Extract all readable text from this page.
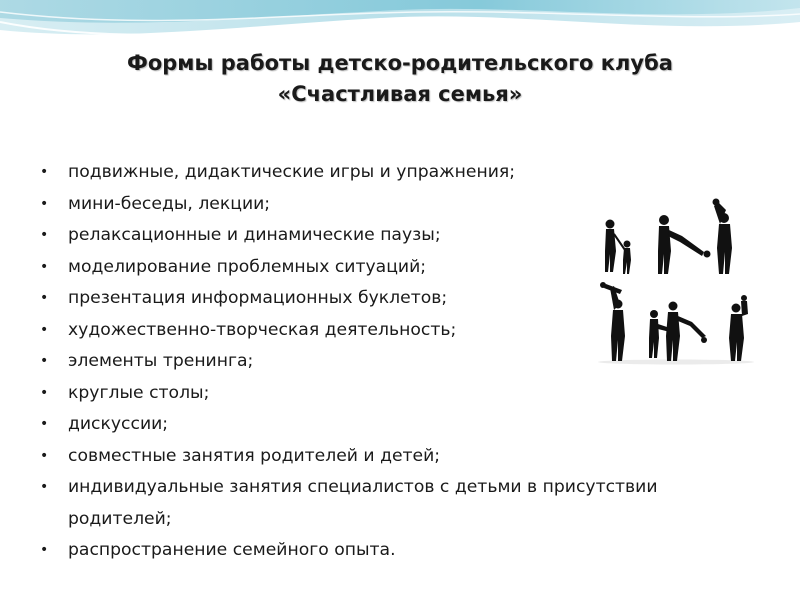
Формы работы детско-родительского клуба
«Счастливая семья»
• подвижные, дидактические игры и упражнения;
• мини-беседы, лекции;
• релаксационные и динамические паузы;
• моделирование проблемных ситуаций;
• презентация информационных буклетов;
• художественно-творческая деятельность;
• элементы тренинга;
• круглые столы;
• дискуссии;
• совместные занятия родителей и детей;
• индивидуальные занятия специалистов с детьми в присутствии родителей;
• распространение семейного опыта.
